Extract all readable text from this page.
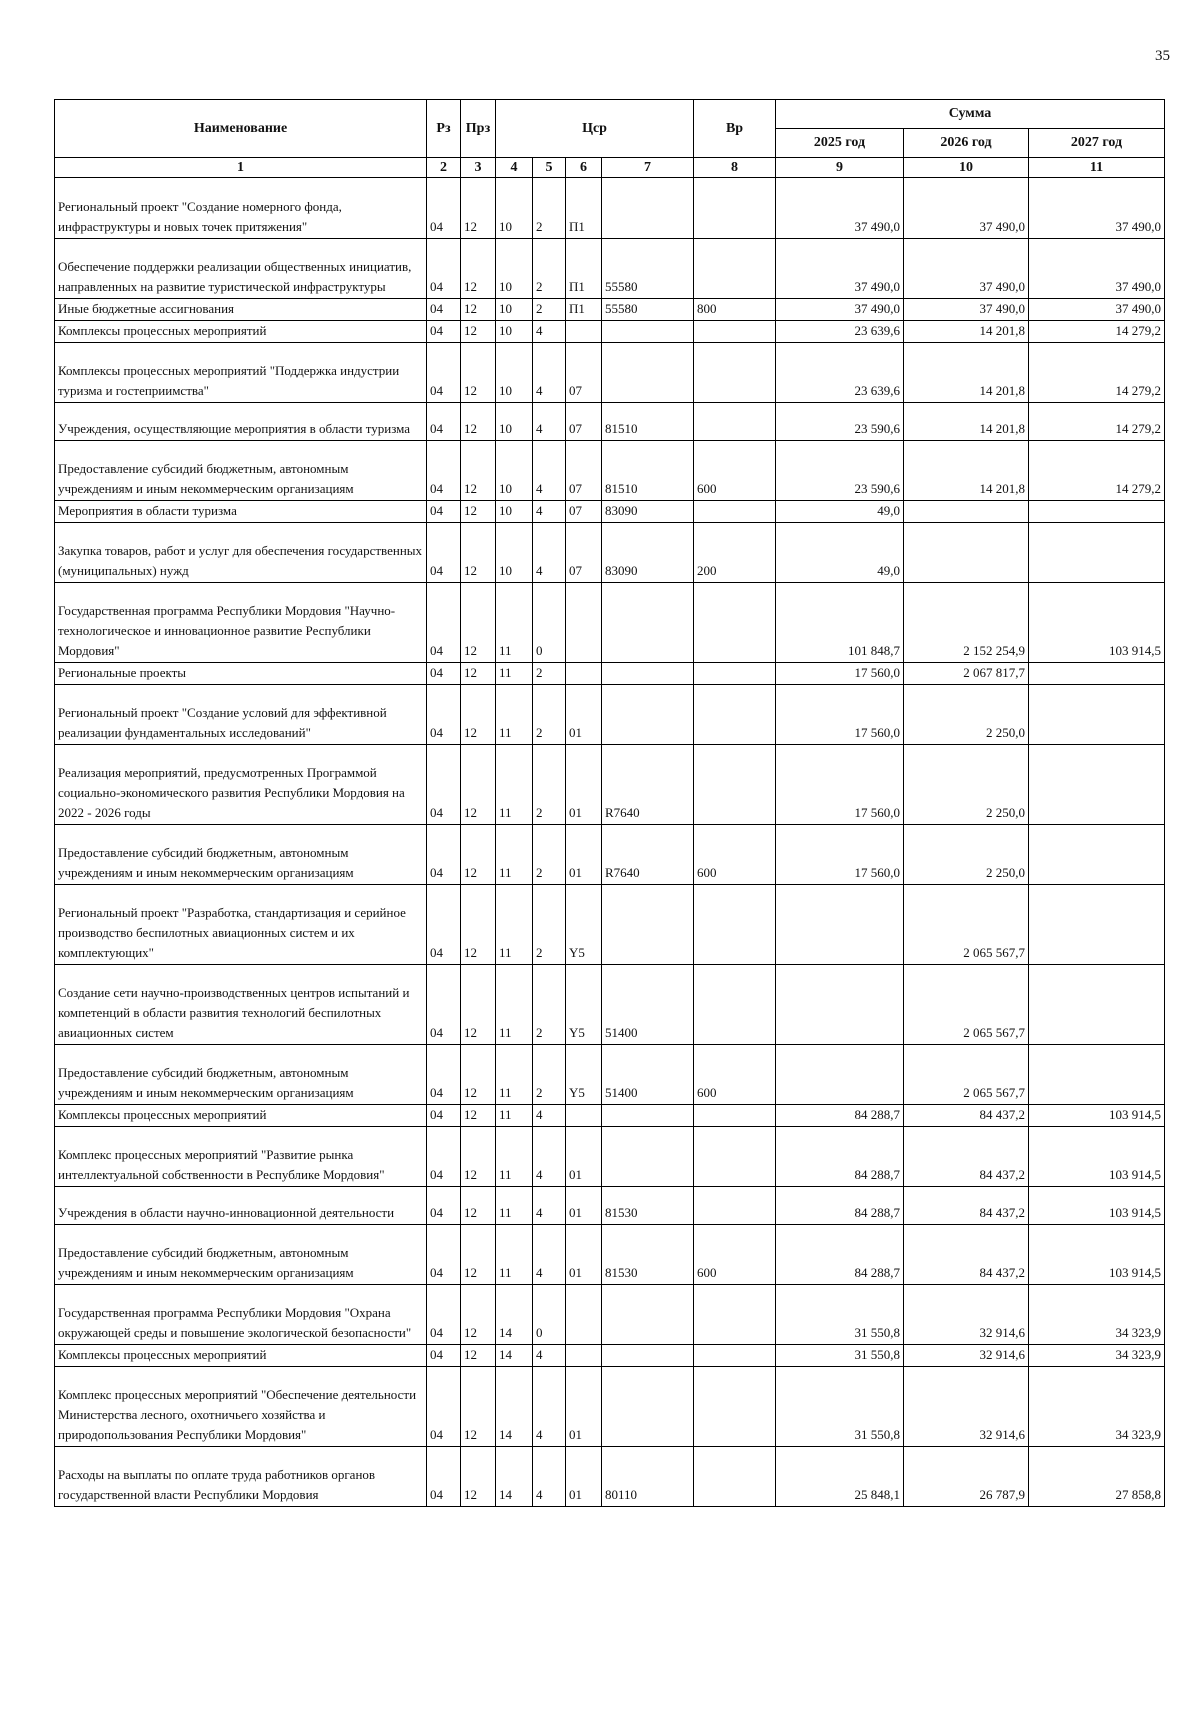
35
Наименование	Рз	Прз	Цср				Вр	Сумма		
								2025 год	2026 год	2027 год
1	2	3	4	5	6	7	8	9	10	11
Региональный проект "Создание номерного фонда, инфраструктуры и новых точек притяжения"	04	12	10	2	П1			37 490,0	37 490,0	37 490,0
Обеспечение поддержки реализации общественных инициатив, направленных на развитие туристической инфраструктуры	04	12	10	2	П1	55580		37 490,0	37 490,0	37 490,0
Иные бюджетные ассигнования	04	12	10	2	П1	55580	800	37 490,0	37 490,0	37 490,0
Комплексы процессных мероприятий	04	12	10	4				23 639,6	14 201,8	14 279,2
Комплексы процессных мероприятий "Поддержка индустрии туризма и гостеприимства"	04	12	10	4	07			23 639,6	14 201,8	14 279,2
Учреждения, осуществляющие мероприятия в области туризма	04	12	10	4	07	81510		23 590,6	14 201,8	14 279,2
Предоставление субсидий бюджетным, автономным учреждениям и иным некоммерческим организациям	04	12	10	4	07	81510	600	23 590,6	14 201,8	14 279,2
Мероприятия в области туризма	04	12	10	4	07	83090		49,0		
Закупка товаров, работ и услуг для обеспечения государственных (муниципальных) нужд	04	12	10	4	07	83090	200	49,0		
Государственная программа Республики Мордовия "Научно-технологическое и инновационное развитие Республики Мордовия"	04	12	11	0				101 848,7	2 152 254,9	103 914,5
Региональные проекты	04	12	11	2				17 560,0	2 067 817,7	
Региональный проект "Создание условий для эффективной реализации фундаментальных исследований"	04	12	11	2	01			17 560,0	2 250,0	
Реализация мероприятий, предусмотренных Программой социально-экономического развития Республики Мордовия на 2022 - 2026 годы	04	12	11	2	01	R7640		17 560,0	2 250,0	
Предоставление субсидий бюджетным, автономным учреждениям и иным некоммерческим организациям	04	12	11	2	01	R7640	600	17 560,0	2 250,0	
Региональный проект "Разработка, стандартизация и серийное производство беспилотных авиационных систем и их комплектующих"	04	12	11	2	Y5				2 065 567,7	
Создание сети научно-производственных центров испытаний и компетенций в области развития технологий беспилотных авиационных систем	04	12	11	2	Y5	51400			2 065 567,7	
Предоставление субсидий бюджетным, автономным учреждениям и иным некоммерческим организациям	04	12	11	2	Y5	51400	600		2 065 567,7	
Комплексы процессных мероприятий	04	12	11	4				84 288,7	84 437,2	103 914,5
Комплекс процессных мероприятий "Развитие рынка интеллектуальной собственности в Республике Мордовия"	04	12	11	4	01			84 288,7	84 437,2	103 914,5
Учреждения в области научно-инновационной деятельности	04	12	11	4	01	81530		84 288,7	84 437,2	103 914,5
Предоставление субсидий бюджетным, автономным учреждениям и иным некоммерческим организациям	04	12	11	4	01	81530	600	84 288,7	84 437,2	103 914,5
Государственная программа Республики Мордовия "Охрана окружающей среды и повышение экологической безопасности"	04	12	14	0				31 550,8	32 914,6	34 323,9
Комплексы процессных мероприятий	04	12	14	4				31 550,8	32 914,6	34 323,9
Комплекс процессных мероприятий "Обеспечение деятельности Министерства лесного, охотничьего хозяйства и природопользования Республики Мордовия"	04	12	14	4	01			31 550,8	32 914,6	34 323,9
Расходы на выплаты по оплате труда работников органов государственной власти Республики Мордовия	04	12	14	4	01	80110		25 848,1	26 787,9	27 858,8
